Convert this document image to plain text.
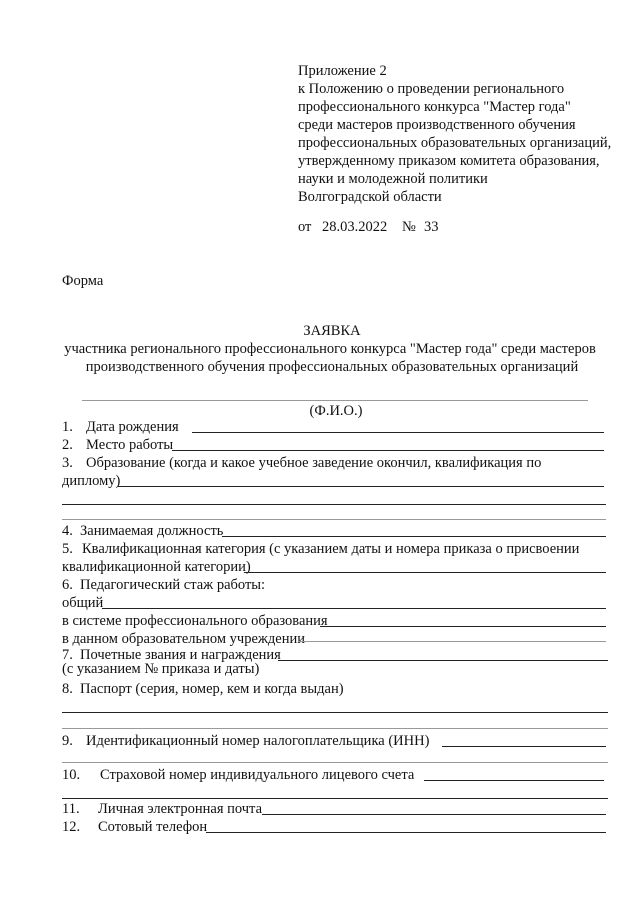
Приложение 2
к Положению о проведении регионального
профессионального конкурса "Мастер года"
среди мастеров производственного обучения
профессиональных образовательных организаций,
утвержденному приказом комитета образования,
науки и молодежной политики
Волгоградской области
от 28.03.2022 № 33
Форма
ЗАЯВКА
участника регионального профессионального конкурса "Мастер года" среди мастеров
производственного обучения профессиональных образовательных организаций
(Ф.И.О.)
1. Дата рождения
2. Место работы
3. Образование (когда и какое учебное заведение окончил, квалификация по
диплому)
4. Занимаемая должность
5. Квалификационная категория (с указанием даты и номера приказа о присвоении
квалификационной категории)
6. Педагогический стаж работы:
общий
в системе профессионального образования
в данном образовательном учреждении
7. Почетные звания и награждения
(с указанием № приказа и даты)
8. Паспорт (серия, номер, кем и когда выдан)
9. Идентификационный номер налогоплательщика (ИНН)
10. Страховой номер индивидуального лицевого счета
11. Личная электронная почта
12. Сотовый телефон
